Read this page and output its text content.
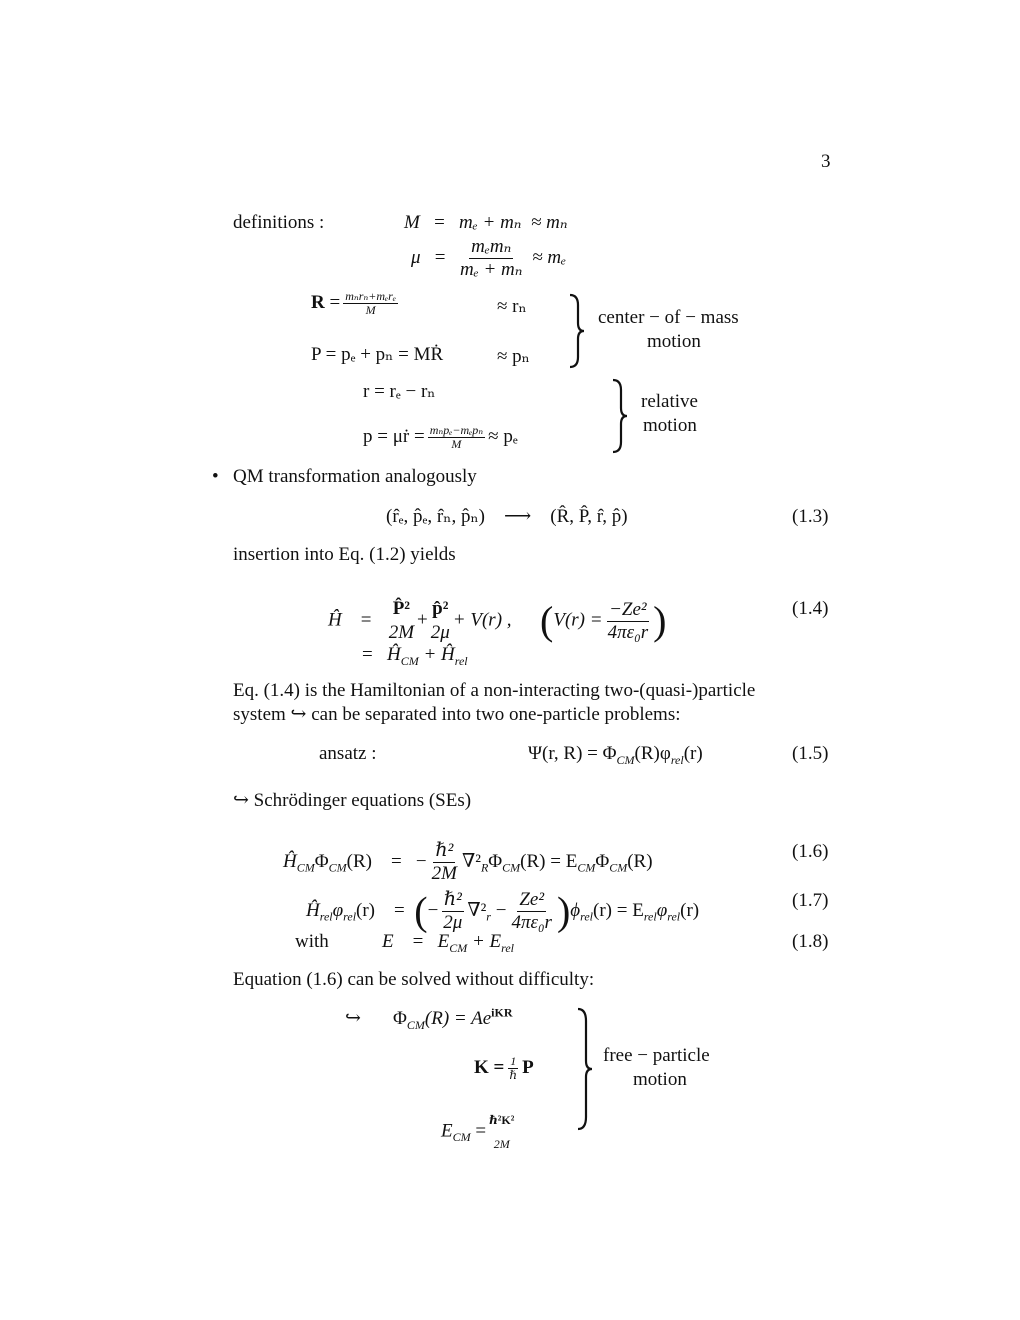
3
definitions :	M = mₑ + mₙ ≈ mₙ
μ =
mₑmₙ
mₑ + mₙ
≈ mₑ
R = mₙrₙ+mₑrₑ
M	≈ rₙ
P = pₑ + pₙ = MṘ	≈ pₙ
center − of − mass
motion
r = rₑ − rₙ
p = μṙ = mₙpₑ−mₑpₙ
M ≈ pₑ
relative
motion
• QM transformation analogously
(r̂ₑ, p̂ₑ, r̂ₙ, p̂ₙ) ⟶ (R̂, P̂, r̂, p̂)	(1.3)
insertion into Eq. (1.2) yields
Ĥ =
P̂²
2M
+
p̂²
2μ
+ V(r) , ($V(r) = \frac{\text{−Ze²}}{\text{4πε₀r}}$ )	(1.4)
= $Ĥ_{CM}$ + $Ĥ_{rel}$
Eq. (1.4) is the Hamiltonian of a non-interacting two-(quasi-)particle
system ↪ can be separated into two one-particle problems:
ansatz :	Ψ(r, $R) = \Phi_{CM}(R)\varphi_{rel}(r)$	(1.5)
↪ Schrödinger equations (SEs)
$Ĥ_{CM}\Phi_{CM}(R)$ = −
ℏ²
2M
$\nabla^2_R\Phi_{CM}(R) = E_{CM}\Phi_{CM}(R)$	(1.6)
$Ĥ_{rel}\varphi_{rel}(r)$ = (−
ℏ²
2μ
$\nabla^2_r - \frac{\text{Ze²}}{\text{4πε₀r}} )\phi_{rel}(r) = E_{rel}\varphi_{rel}(r)$	(1.7)
with	$E = E_{CM} + E_{rel}$	(1.8)
Equation (1.6) can be solved without difficulty:
↪ $\Phi_{CM}(R) = Ae^{iKR}$
K = 1
ℏ P
$E_{CM}$ =
ℏ²K²
2M
free − particle
motion
